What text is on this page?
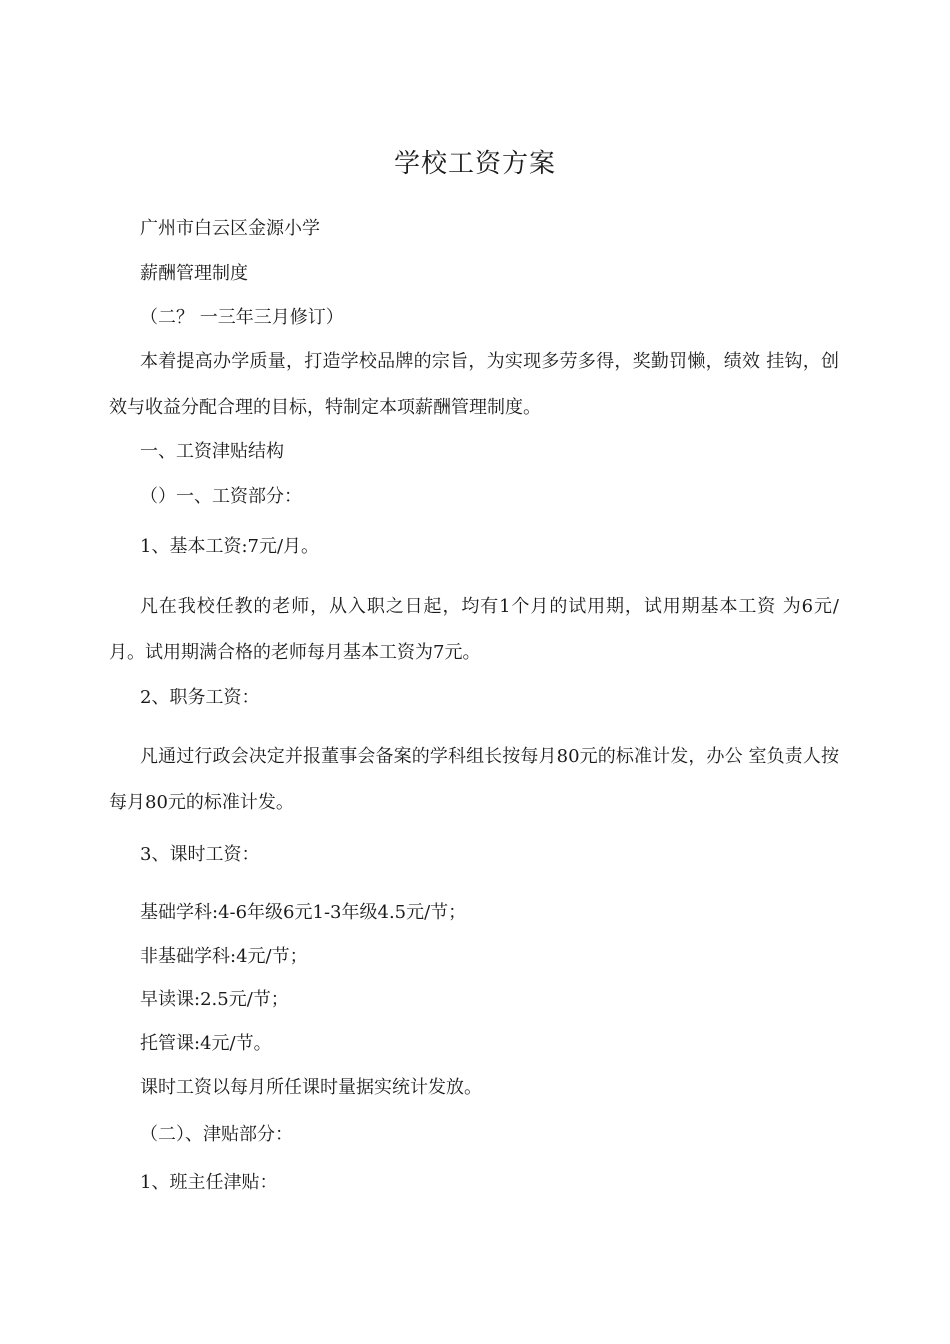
学校工资方案
广州市白云区金源小学
薪酬管理制度
（二？ 一三年三月修订）
本着提高办学质量，打造学校品牌的宗旨，为实现多劳多得，奖勤罚懒，绩效 挂钩，创效与收益分配合理的目标，特制定本项薪酬管理制度。
一、工资津贴结构
（）一、工资部分：
1、基本工资:7元/月。
凡在我校任教的老师，从入职之日起，均有1个月的试用期，试用期基本工资 为6元/月。试用期满合格的老师每月基本工资为7元。
2、职务工资：
凡通过行政会决定并报董事会备案的学科组长按每月80元的标准计发，办公 室负责人按每月80元的标准计发。
3、课时工资：
基础学科:4-6年级6元1-3年级4.5元/节；
非基础学科:4元/节；
早读课:2.5元/节；
托管课:4元/节。
课时工资以每月所任课时量据实统计发放。
（二）、津贴部分：
1、班主任津贴：
